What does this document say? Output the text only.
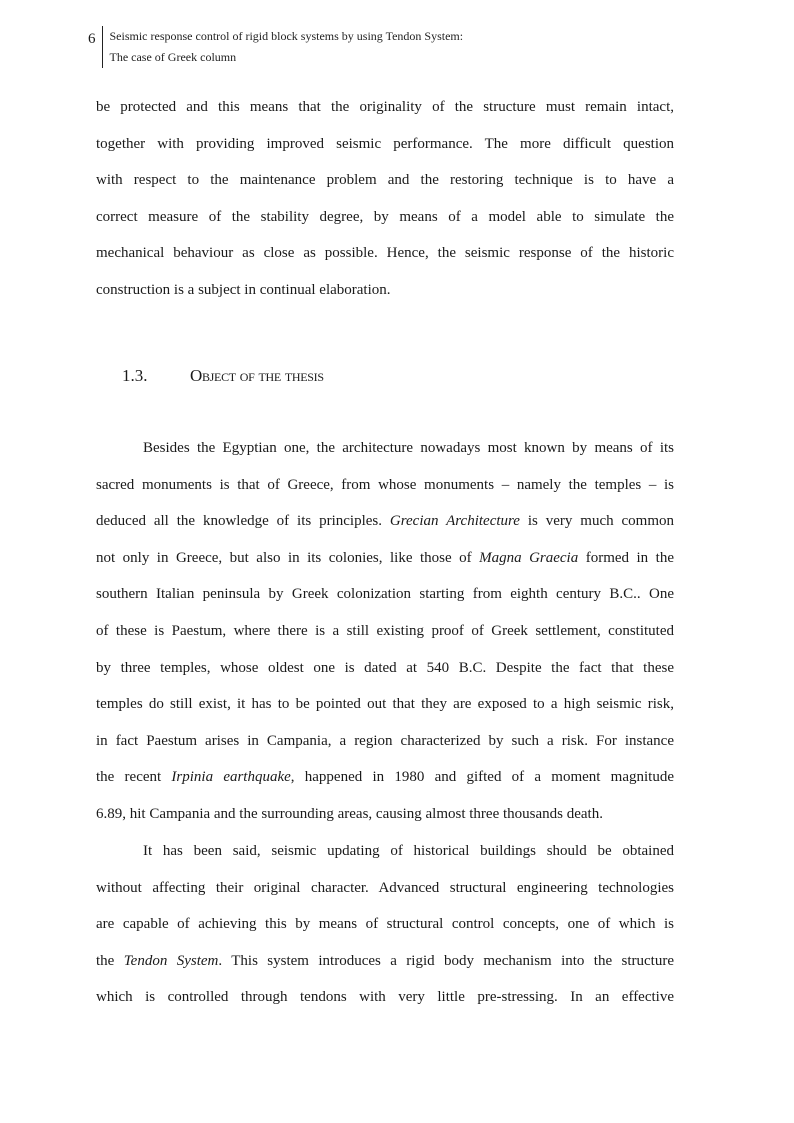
6 Seismic response control of rigid block systems by using Tendon System:
The case of Greek column
be protected and this means that the originality of the structure must remain intact,
together with providing improved seismic performance. The more difficult question
with respect to the maintenance problem and the restoring technique is to have a
correct measure of the stability degree, by means of a model able to simulate the
mechanical behaviour as close as possible. Hence, the seismic response of the historic
construction is a subject in continual elaboration.
1.3.	Object of the thesis
Besides the Egyptian one, the architecture nowadays most known by means of its
sacred monuments is that of Greece, from whose monuments – namely the temples – is
deduced all the knowledge of its principles. Grecian Architecture is very much common
not only in Greece, but also in its colonies, like those of Magna Graecia formed in the
southern Italian peninsula by Greek colonization starting from eighth century B.C.. One
of these is Paestum, where there is a still existing proof of Greek settlement, constituted
by three temples, whose oldest one is dated at 540 B.C. Despite the fact that these
temples do still exist, it has to be pointed out that they are exposed to a high seismic risk,
in fact Paestum arises in Campania, a region characterized by such a risk. For instance
the recent Irpinia earthquake, happened in 1980 and gifted of a moment magnitude
6.89, hit Campania and the surrounding areas, causing almost three thousands death.
It has been said, seismic updating of historical buildings should be obtained
without affecting their original character. Advanced structural engineering technologies
are capable of achieving this by means of structural control concepts, one of which is
the Tendon System. This system introduces a rigid body mechanism into the structure
which is controlled through tendons with very little pre-stressing. In an effective
